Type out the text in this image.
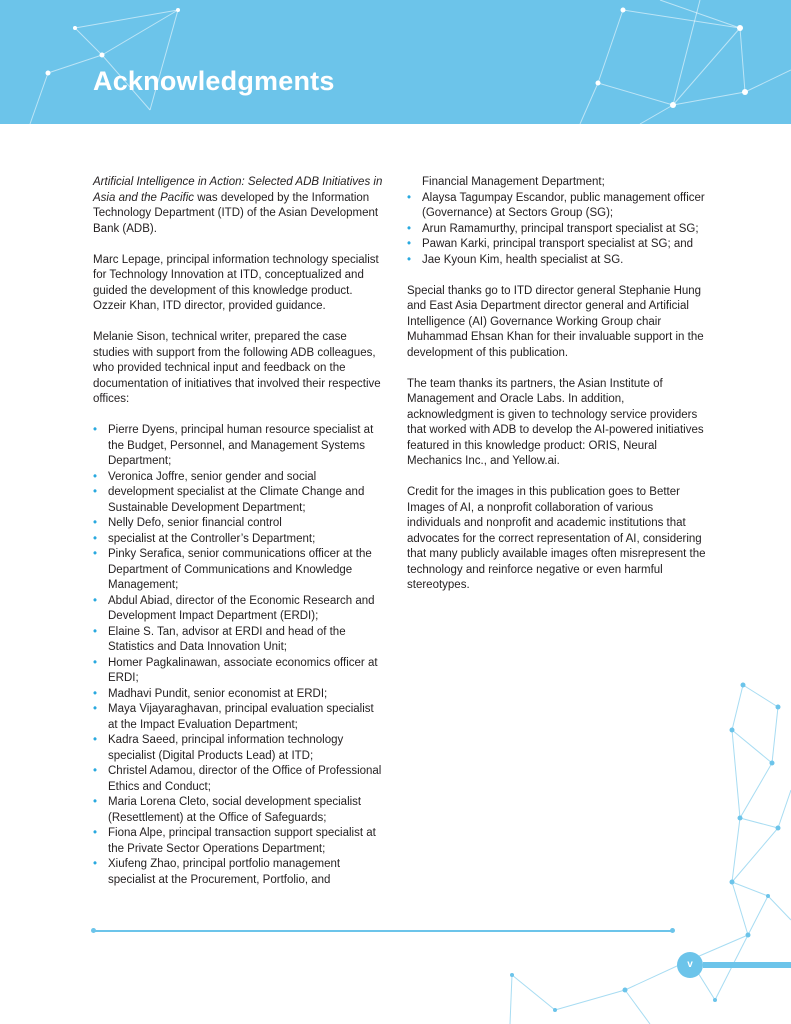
Acknowledgments

Artificial Intelligence in Action: Selected ADB Initiatives in Asia and the Pacific was developed by the Information Technology Department (ITD) of the Asian Development Bank (ADB).

Marc Lepage, principal information technology specialist for Technology Innovation at ITD, conceptualized and guided the development of this knowledge product. Ozzeir Khan, ITD director, provided guidance.

Melanie Sison, technical writer, prepared the case studies with support from the following ADB colleagues, who provided technical input and feedback on the documentation of initiatives that involved their respective offices:

• Pierre Dyens, principal human resource specialist at the Budget, Personnel, and Management Systems Department;
• Veronica Joffre, senior gender and social
• development specialist at the Climate Change and Sustainable Development Department;
• Nelly Defo, senior financial control
• specialist at the Controller’s Department;
• Pinky Serafica, senior communications officer at the Department of Communications and Knowledge Management;
• Abdul Abiad, director of the Economic Research and Development Impact Department (ERDI);
• Elaine S. Tan, advisor at ERDI and head of the Statistics and Data Innovation Unit;
• Homer Pagkalinawan, associate economics officer at ERDI;
• Madhavi Pundit, senior economist at ERDI;
• Maya Vijayaraghavan, principal evaluation specialist at the Impact Evaluation Department;
• Kadra Saeed, principal information technology specialist (Digital Products Lead) at ITD;
• Christel Adamou, director of the Office of Professional Ethics and Conduct;
• Maria Lorena Cleto, social development specialist (Resettlement) at the Office of Safeguards;
• Fiona Alpe, principal transaction support specialist at the Private Sector Operations Department;
• Xiufeng Zhao, principal portfolio management specialist at the Procurement, Portfolio, and
Financial Management Department;
• Alaysa Tagumpay Escandor, public management officer (Governance) at Sectors Group (SG);
• Arun Ramamurthy, principal transport specialist at SG;
• Pawan Karki, principal transport specialist at SG; and
• Jae Kyoun Kim, health specialist at SG.

Special thanks go to ITD director general Stephanie Hung and East Asia Department director general and Artificial Intelligence (AI) Governance Working Group chair Muhammad Ehsan Khan for their invaluable support in the development of this publication.

The team thanks its partners, the Asian Institute of Management and Oracle Labs. In addition, acknowledgment is given to technology service providers that worked with ADB to develop the AI-powered initiatives featured in this knowledge product: ORIS, Neural Mechanics Inc., and Yellow.ai.

Credit for the images in this publication goes to Better Images of AI, a nonprofit collaboration of various individuals and nonprofit and academic institutions that advocates for the correct representation of AI, considering that many publicly available images often misrepresent the technology and reinforce negative or even harmful stereotypes.

v
